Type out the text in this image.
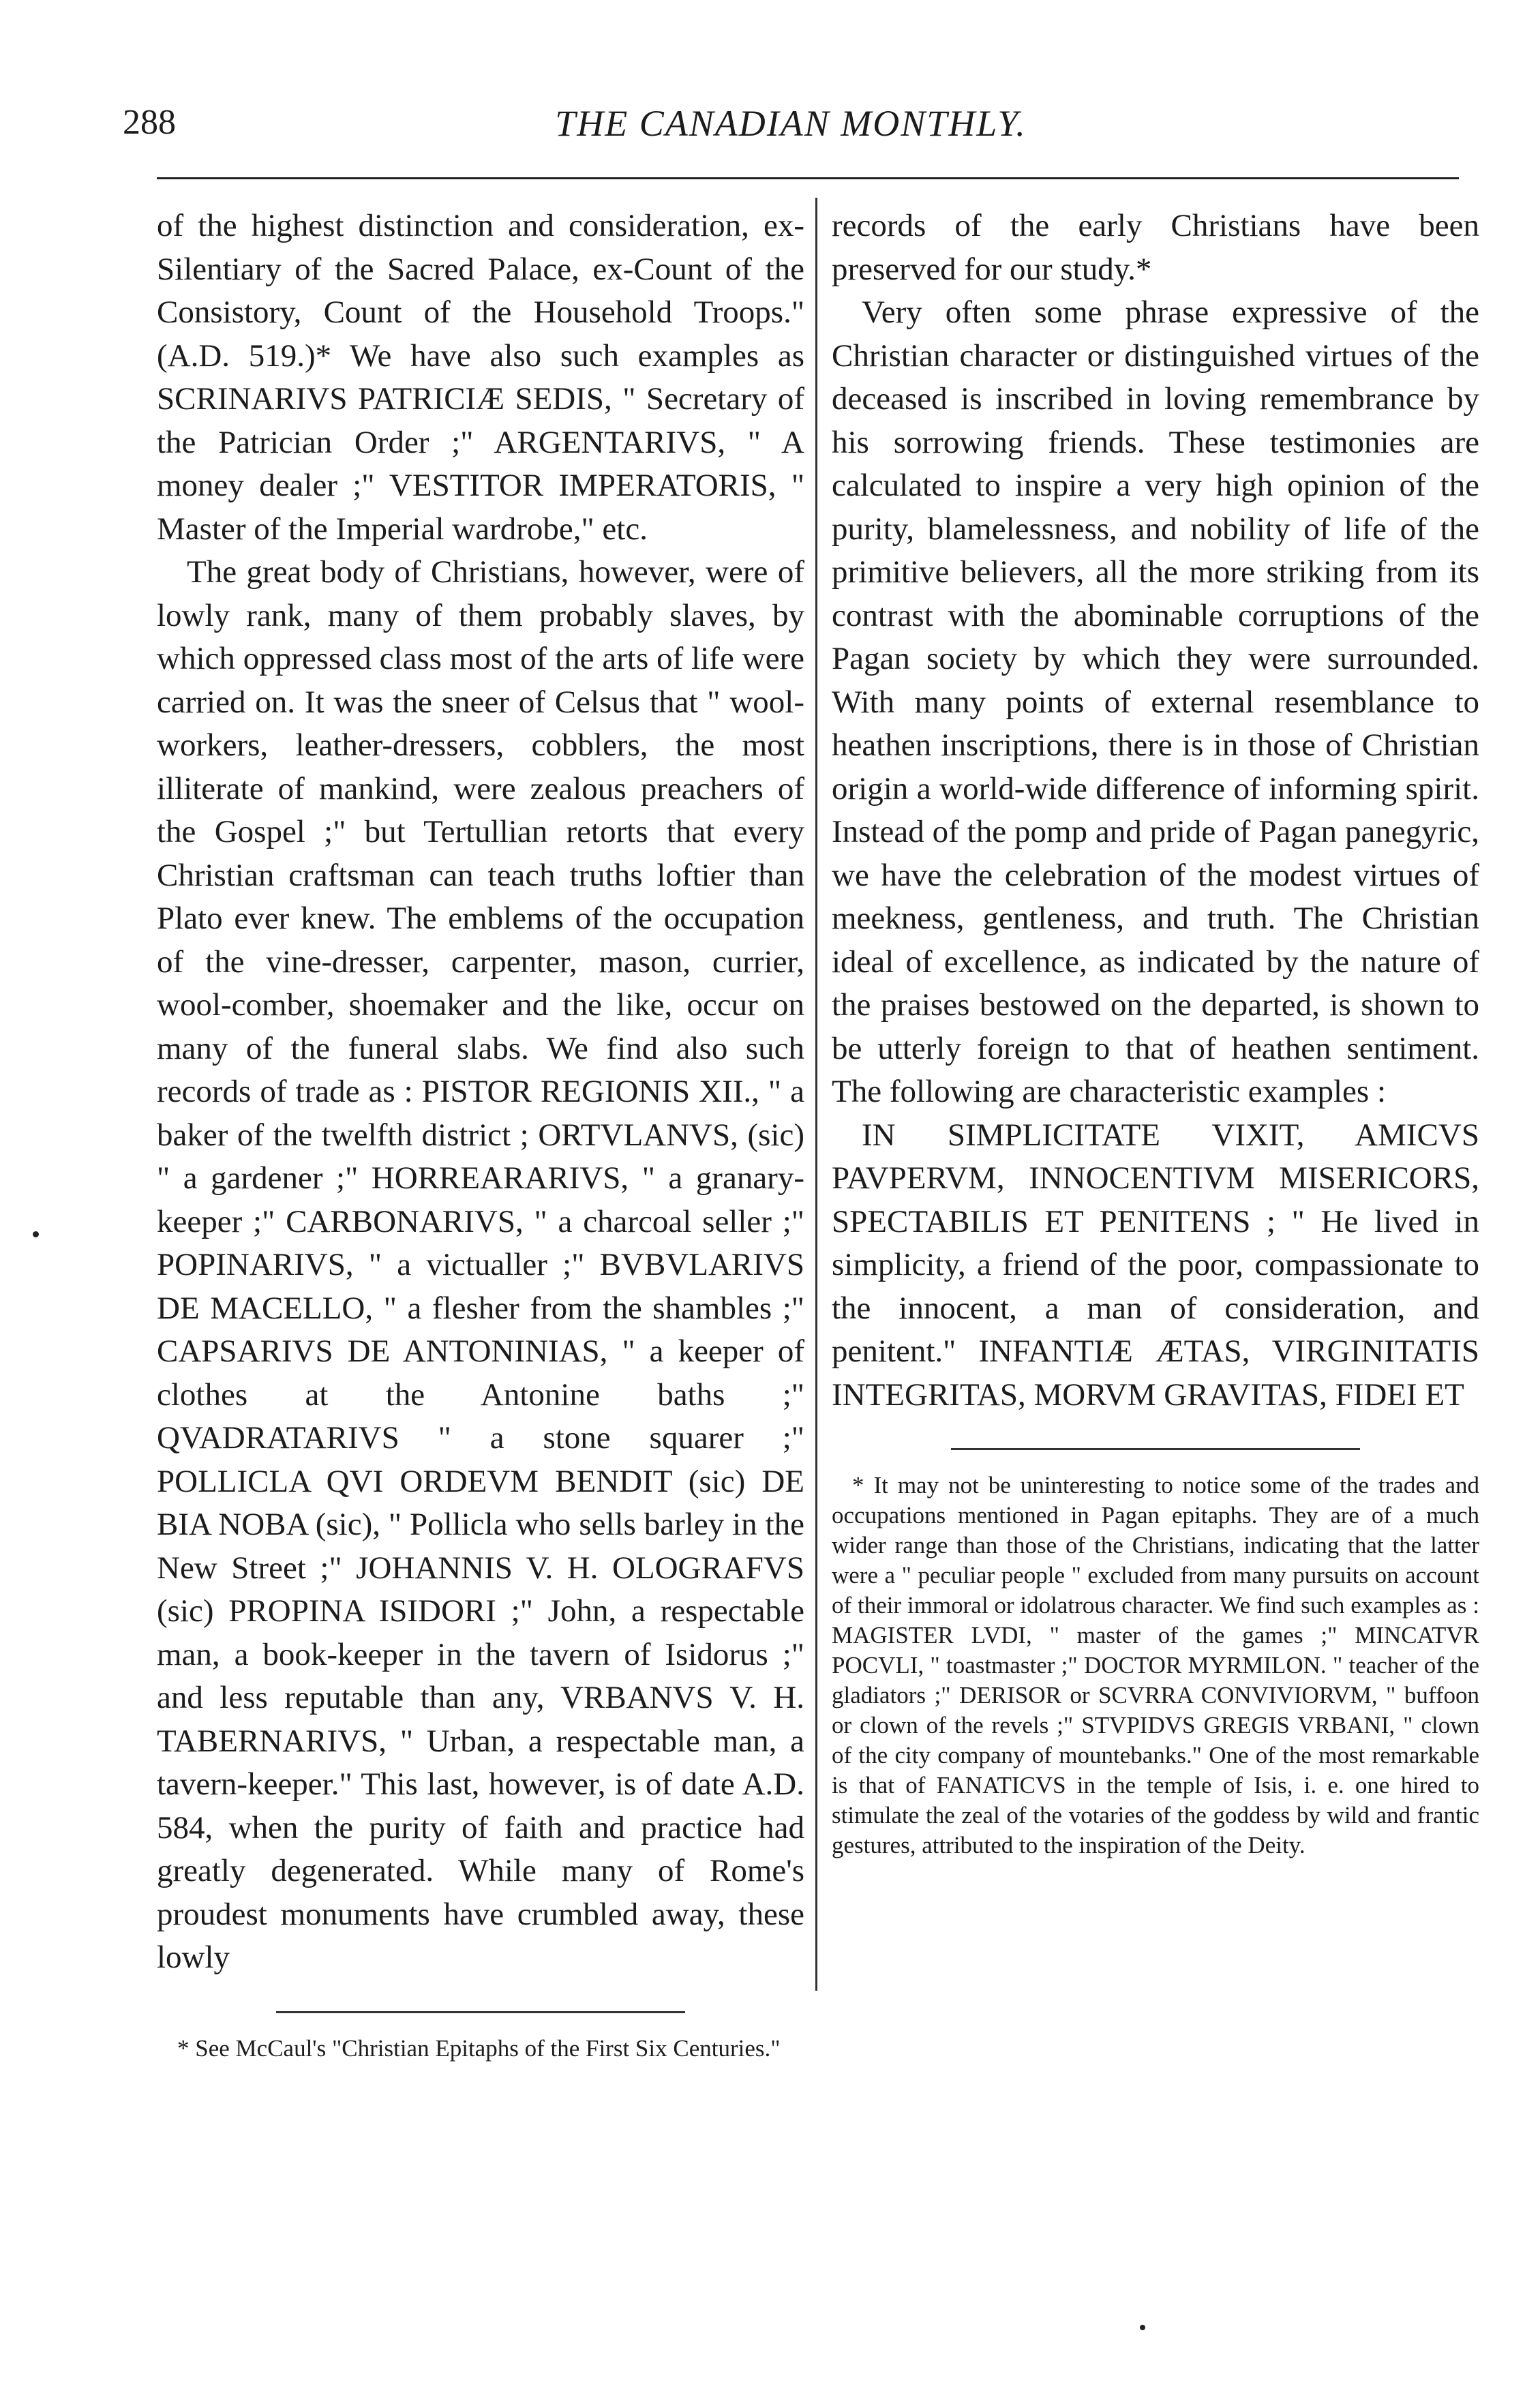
288	THE CANADIAN MONTHLY.

of the highest distinction and consideration, ex-Silentiary of the Sacred Palace, ex-Count of the Consistory, Count of the Household Troops." (A.D. 519.)* We have also such examples as SCRINARIVS PATRICIÆ SEDIS, " Secretary of the Patrician Order ;" ARGENTARIVS, " A money dealer ;" VESTITOR IMPERATORIS, " Master of the Imperial wardrobe," etc.

The great body of Christians, however, were of lowly rank, many of them probably slaves, by which oppressed class most of the arts of life were carried on. It was the sneer of Celsus that " wool-workers, leather-dressers, cobblers, the most illiterate of mankind, were zealous preachers of the Gospel ;" but Tertullian retorts that every Christian craftsman can teach truths loftier than Plato ever knew. The emblems of the occupation of the vine-dresser, carpenter, mason, currier, wool-comber, shoemaker and the like, occur on many of the funeral slabs. We find also such records of trade as : PISTOR REGIONIS XII., " a baker of the twelfth district ; ORTVLANVS, (sic) " a gardener ;" HORREARARIVS, " a granary-keeper ;" CARBONARIVS, " a charcoal seller ;" POPINARIVS, " a victualler ;" BVBVLARIVS DE MACELLO, " a flesher from the shambles ;" CAPSARIVS DE ANTONINIAS, " a keeper of clothes at the Antonine baths ;" QVADRATARIVS " a stone squarer ;" POLLICLA QVI ORDEVM BENDIT (sic) DE BIA NOBA (sic), " Pollicla who sells barley in the New Street ;" JOHANNIS V. H. OLOGRAFVS (sic) PROPINA ISIDORI ;" John, a respectable man, a book-keeper in the tavern of Isidorus ;" and less reputable than any, VRBANVS V. H. TABERNARIVS, " Urban, a respectable man, a tavern-keeper." This last, however, is of date A.D. 584, when the purity of faith and practice had greatly degenerated. While many of Rome's proudest monuments have crumbled away, these lowly

* See McCaul's "Christian Epitaphs of the First Six Centuries."

records of the early Christians have been preserved for our study.*

Very often some phrase expressive of the Christian character or distinguished virtues of the deceased is inscribed in loving remembrance by his sorrowing friends. These testimonies are calculated to inspire a very high opinion of the purity, blamelessness, and nobility of life of the primitive believers, all the more striking from its contrast with the abominable corruptions of the Pagan society by which they were surrounded. With many points of external resemblance to heathen inscriptions, there is in those of Christian origin a world-wide difference of informing spirit. Instead of the pomp and pride of Pagan panegyric, we have the celebration of the modest virtues of meekness, gentleness, and truth. The Christian ideal of excellence, as indicated by the nature of the praises bestowed on the departed, is shown to be utterly foreign to that of heathen sentiment. The following are characteristic examples :

IN SIMPLICITATE VIXIT, AMICVS PAVPERVM, INNOCENTIVM MISERICORS, SPECTABILIS ET PENITENS ; " He lived in simplicity, a friend of the poor, compassionate to the innocent, a man of consideration, and penitent." INFANTIÆ ÆTAS, VIRGINITATIS INTEGRITAS, MORVM GRAVITAS, FIDEI ET

* It may not be uninteresting to notice some of the trades and occupations mentioned in Pagan epitaphs. They are of a much wider range than those of the Christians, indicating that the latter were a " peculiar people " excluded from many pursuits on account of their immoral or idolatrous character. We find such examples as : MAGISTER LVDI, " master of the games ;" MINCATVR POCVLI, " toastmaster ;" DOCTOR MYRMILON. " teacher of the gladiators ;" DERISOR or SCVRRA CONVIVIORVM, " buffoon or clown of the revels ;" STVPIDVS GREGIS VRBANI, " clown of the city company of mountebanks." One of the most remarkable is that of FANATICVS in the temple of Isis, i. e. one hired to stimulate the zeal of the votaries of the goddess by wild and frantic gestures, attributed to the inspiration of the Deity.
